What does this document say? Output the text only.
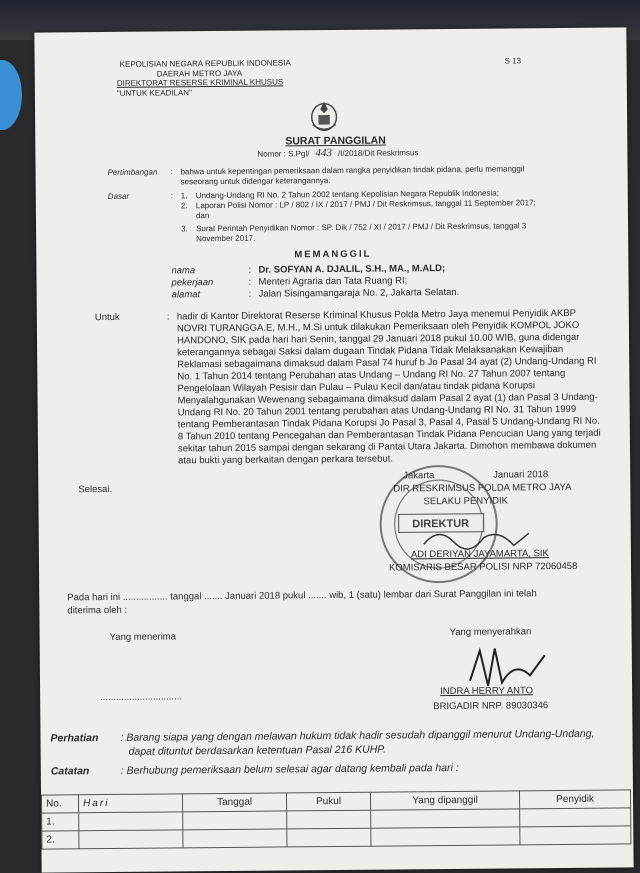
KEPOLISIAN NEGARA REPUBLIK INDONESIA
DAERAH METRO JAYA
DIREKTORAT RESERSE KRIMINAL KHUSUS
"UNTUK KEADILAN"
S 13
SURAT PANGGILAN
Nomor : S.Pgl/ 443 /I/2018/Dit Reskrimsus
Pertimbangan : bahwa untuk kepentingan pemeriksaan dalam rangka penyidikan tindak pidana, perlu memanggil
seseorang untuk didengar keterangannya.
Dasar	: 1. Undang-Undang RI No. 2 Tahun 2002 tentang Kepolisian Negara Republik Indonesia;
2. Laporan Polisi Nomor : LP / 802 / IX / 2017 / PMJ / Dit Reskrimsus, tanggal 11 September 2017;
dan
3. Surat Perintah Penyidikan Nomor : SP. Dik / 752 / XI / 2017 / PMJ / Dit Reskrimsus, tanggal 3
November 2017.
MEMANGGIL
nama	: Dr. SOFYAN A. DJALIL, S.H., MA., M.ALD;
pekerjaan	: Menteri Agraria dan Tata Ruang RI;
alamat	: Jalan Sisingamangaraja No. 2, Jakarta Selatan.
Untuk	: hadir di Kantor Direktorat Reserse Kriminal Khusus Polda Metro Jaya menemui Penyidik AKBP
NOVRI TURANGGA.E, M.H., M.Si untuk dilakukan Pemeriksaan oleh Penyidik KOMPOL JOKO
HANDONO, SIK pada hari hari Senin, tanggal 29 Januari 2018 pukul 10.00 WIB, guna didengar
keterangannya sebagai Saksi dalam dugaan Tindak Pidana Tidak Melaksanakan Kewajiban
Reklamasi sebagaimana dimaksud dalam Pasal 74 huruf b Jo Pasal 34 ayat (2) Undang-Undang RI
No. 1 Tahun 2014 tentang Perubahan atas Undang – Undang RI No. 27 Tahun 2007 tentang
Pengelolaan Wilayah Pesisir dan Pulau – Pulau Kecil dan/atau tindak pidana Korupsi
Menyalahgunakan Wewenang sebagaimana dimaksud dalam Pasal 2 ayat (1) dan Pasal 3 Undang-
Undang RI No. 20 Tahun 2001 tentang perubahan atas Undang-Undang RI No. 31 Tahun 1999
tentang Pemberantasan Tindak Pidana Korupsi Jo Pasal 3, Pasal 4, Pasal 5 Undang-Undang RI No.
8 Tahun 2010 tentang Pencegahan dan Pemberantasan Tindak Pidana Pencucian Uang yang terjadi
sekitar tahun 2015 sampai dengan sekarang di Pantai Utara Jakarta. Dimohon membawa dokumen
atau bukti yang berkaitan dengan perkara tersebut.
Selesai.
DIREKTUR
Jakarta	Januari 2018
DIR RESKRIMSUS POLDA METRO JAYA
SELAKU PENYIDIK
ADI DERIYAN JAYAMARTA, SIK
KOMISARIS BESAR POLISI NRP 72060458
Pada hari ini ................. tanggal ....... Januari 2018 pukul ....... wib, 1 (satu) lembar dari Surat Panggilan ini telah
diterima oleh :
Yang menerima	Yang menyerahkan
...............................
INDRA HERRY ANTO
BRIGADIR NRP. 89030346
Perhatian : Barang siapa yang dengan melawan hukum tidak hadir sesudah dipanggil menurut Undang-Undang,
dapat dituntut berdasarkan ketentuan Pasal 216 KUHP.
Catatan	: Berhubung pemeriksaan belum selesai agar datang kembali pada hari :
No.	Hari	Tanggal	Pukul	Yang dipanggil	Penyidik
1.					
2.					
